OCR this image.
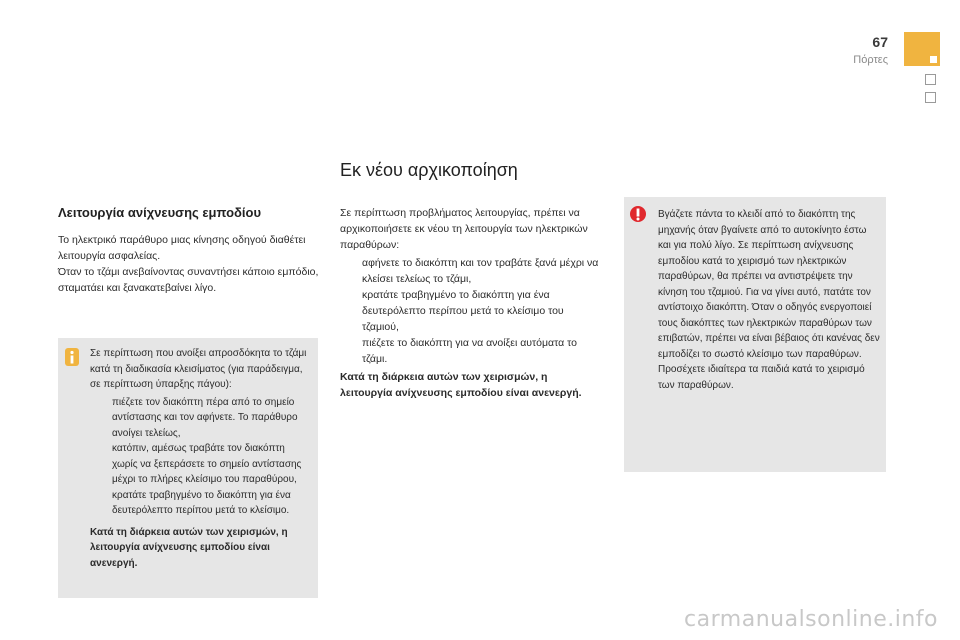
67
Πόρτες
Λειτουργία ανίχνευσης εμποδίου

Το ηλεκτρικό παράθυρο μιας κίνησης οδηγού διαθέτει λειτουργία ασφαλείας.

Όταν το τζάμι ανεβαίνοντας συναντήσει κάποιο εμπόδιο, σταματάει και ξανακατεβαίνει λίγο.

Σε περίπτωση που ανοίξει απροσδόκητα το τζάμι κατά τη διαδικασία κλεισίματος (για παράδειγμα, σε περίπτωση ύπαρξης πάγου):

πιέζετε τον διακόπτη πέρα από το σημείο αντίστασης και τον αφήνετε. Το παράθυρο ανοίγει τελείως,
κατόπιν, αμέσως τραβάτε τον διακόπτη χωρίς να ξεπεράσετε το σημείο αντίστασης μέχρι το πλήρες κλείσιμο του παραθύρου,
κρατάτε τραβηγμένο το διακόπτη για ένα δευτερόλεπτο περίπου μετά το κλείσιμο.

Κατά τη διάρκεια αυτών των χειρισμών, η λειτουργία ανίχνευσης εμποδίου είναι ανενεργή.

Εκ νέου αρχικοποίηση

Σε περίπτωση προβλήματος λειτουργίας, πρέπει να αρχικοποιήσετε εκ νέου τη λειτουργία των ηλεκτρικών παραθύρων:

αφήνετε το διακόπτη και τον τραβάτε ξανά μέχρι να κλείσει τελείως το τζάμι,
κρατάτε τραβηγμένο το διακόπτη για ένα δευτερόλεπτο περίπου μετά το κλείσιμο του τζαμιού,
πιέζετε το διακόπτη για να ανοίξει αυτόματα το τζάμι.

Κατά τη διάρκεια αυτών των χειρισμών, η λειτουργία ανίχνευσης εμποδίου είναι ανενεργή.

Βγάζετε πάντα το κλειδί από το διακόπτη της μηχανής όταν βγαίνετε από το αυτοκίνητο έστω και για πολύ λίγο. Σε περίπτωση ανίχνευσης εμποδίου κατά το χειρισμό των ηλεκτρικών παραθύρων, θα πρέπει να αντιστρέψετε την κίνηση του τζαμιού. Για να γίνει αυτό, πατάτε τον αντίστοιχο διακόπτη. Όταν ο οδηγός ενεργοποιεί τους διακόπτες των ηλεκτρικών παραθύρων των επιβατών, πρέπει να είναι βέβαιος ότι κανένας δεν εμποδίζει το σωστό κλείσιμο των παραθύρων. Προσέχετε ιδιαίτερα τα παιδιά κατά το χειρισμό των παραθύρων.

carmanualsonline.info
